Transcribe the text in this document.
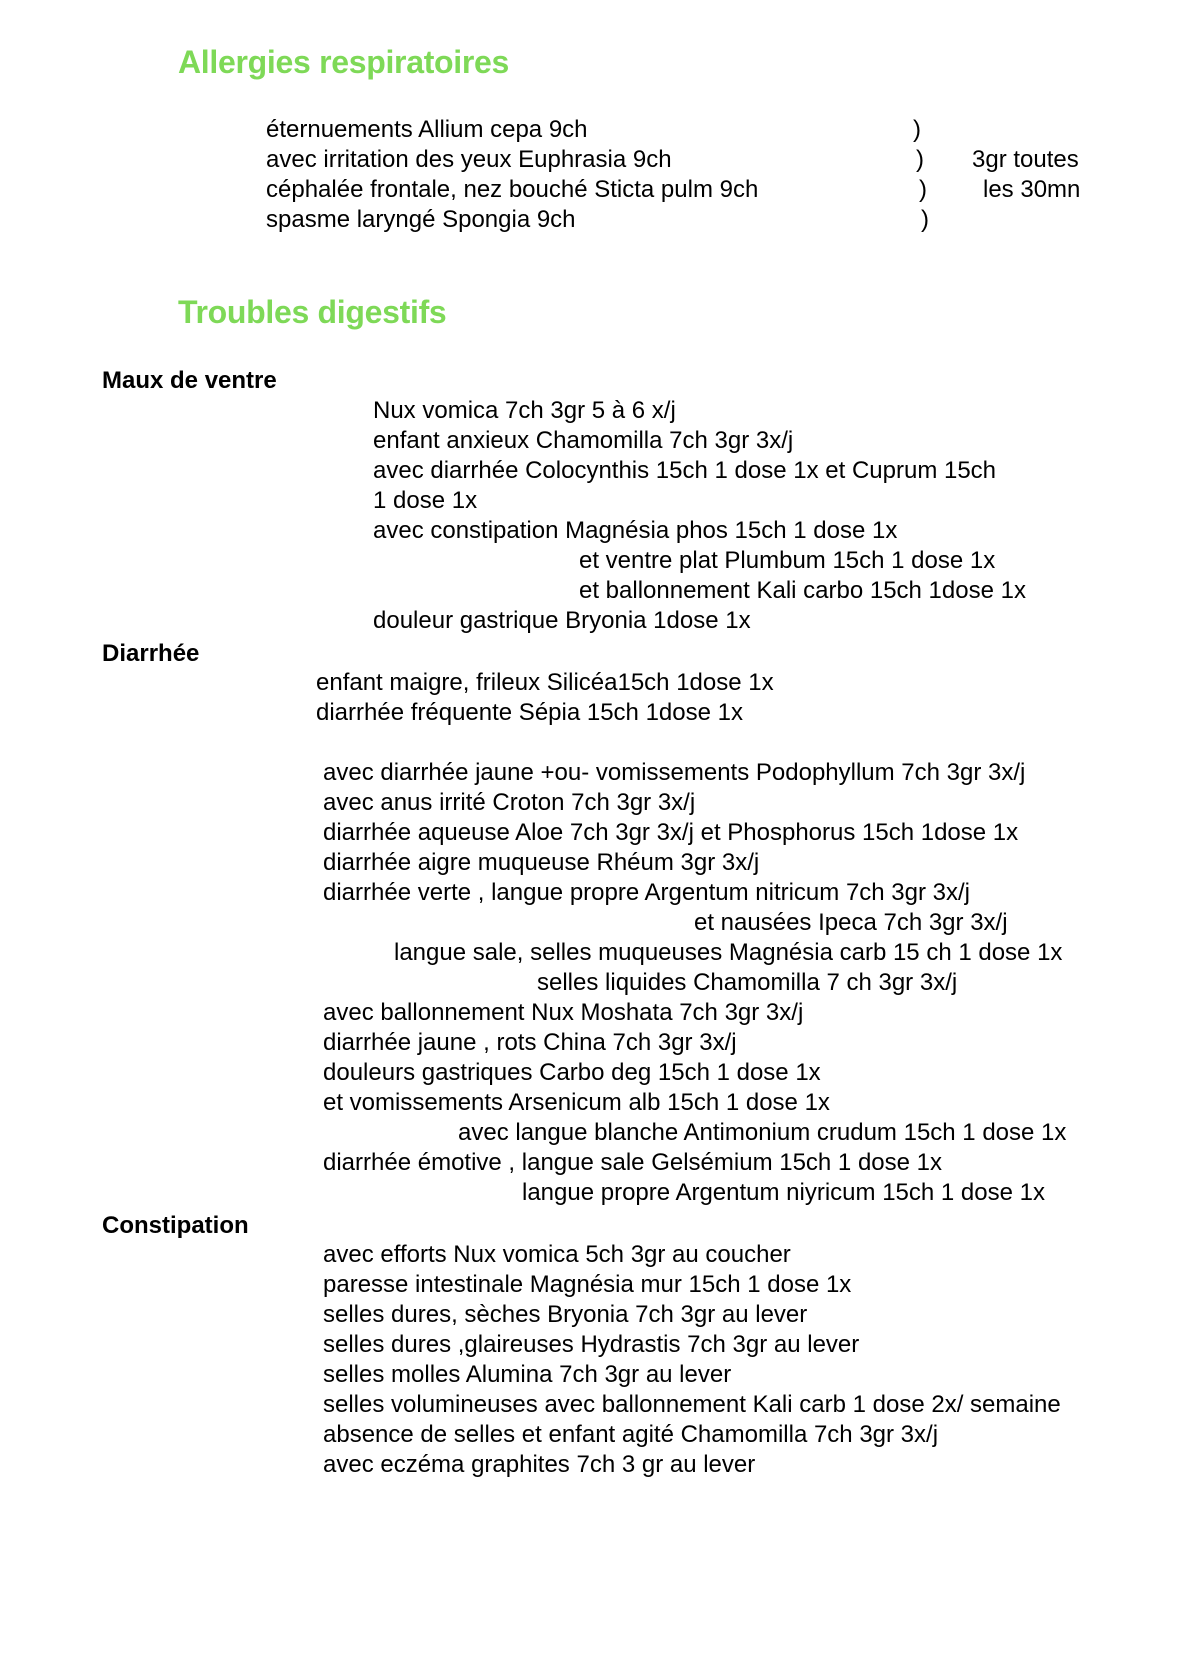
Allergies respiratoires
éternuements Allium cepa 9ch
avec irritation des yeux Euphrasia 9ch
céphalée frontale, nez bouché Sticta pulm 9ch
spasme laryngé Spongia 9ch
)
)
)
)
3gr toutes
les 30mn
Troubles digestifs
Maux de ventre
Nux vomica 7ch 3gr 5 à 6 x/j
enfant anxieux Chamomilla 7ch 3gr 3x/j
avec diarrhée Colocynthis 15ch 1 dose 1x et Cuprum 15ch
1 dose 1x
avec constipation Magnésia phos 15ch 1 dose 1x
et ventre plat Plumbum 15ch 1 dose 1x
et ballonnement Kali carbo 15ch 1dose 1x
douleur gastrique Bryonia 1dose 1x
Diarrhée
enfant maigre, frileux Silicéa15ch 1dose 1x
diarrhée fréquente Sépia 15ch 1dose 1x
avec diarrhée jaune +ou- vomissements Podophyllum 7ch 3gr 3x/j
avec anus irrité Croton 7ch 3gr 3x/j
diarrhée aqueuse Aloe 7ch 3gr 3x/j et Phosphorus 15ch 1dose 1x
diarrhée aigre muqueuse Rhéum 3gr 3x/j
diarrhée verte , langue propre Argentum nitricum 7ch 3gr 3x/j
et nausées Ipeca 7ch 3gr 3x/j
langue sale, selles muqueuses Magnésia carb 15 ch 1 dose 1x
selles liquides Chamomilla 7 ch 3gr 3x/j
avec ballonnement Nux Moshata 7ch 3gr 3x/j
diarrhée jaune , rots China 7ch 3gr 3x/j
douleurs gastriques Carbo deg 15ch 1 dose 1x
et vomissements Arsenicum alb 15ch 1 dose 1x
avec langue blanche Antimonium crudum 15ch 1 dose 1x
diarrhée émotive , langue sale Gelsémium 15ch 1 dose 1x
langue propre Argentum niyricum 15ch 1 dose 1x
Constipation
avec efforts Nux vomica 5ch 3gr au coucher
paresse intestinale Magnésia mur 15ch 1 dose 1x
selles dures, sèches Bryonia 7ch 3gr au lever
selles dures ,glaireuses Hydrastis 7ch 3gr au lever
selles molles Alumina 7ch 3gr au lever
selles volumineuses avec ballonnement Kali carb 1 dose 2x/ semaine
absence de selles et enfant agité Chamomilla 7ch 3gr 3x/j
avec eczéma graphites 7ch 3 gr au lever
